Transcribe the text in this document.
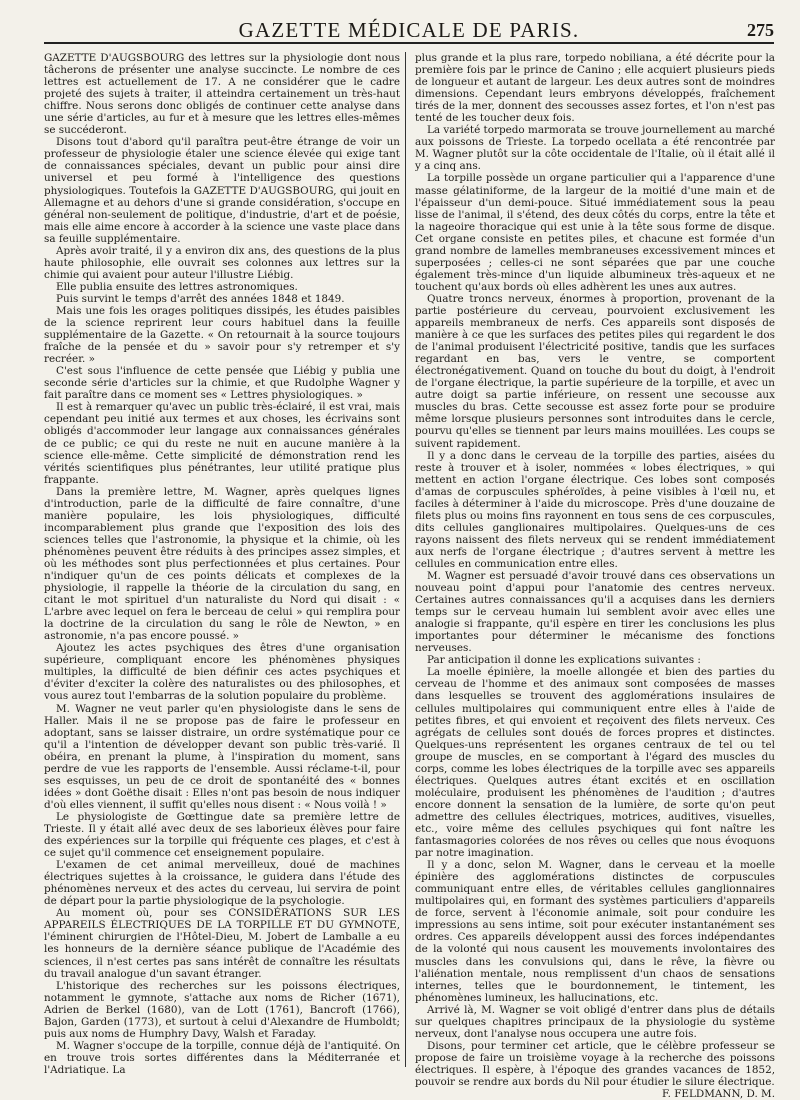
GAZETTE MÉDICALE DE PARIS.	275

GAZETTE D'AUGSBOURG des lettres sur la physiologie dont nous tâcherons de présenter une analyse succincte. Le nombre de ces lettres est actuellement de 17. A ne considérer que le cadre projeté des sujets à traiter, il atteindra certainement un très-haut chiffre. Nous serons donc obligés de continuer cette analyse dans une série d'articles, au fur et à mesure que les lettres elles-mêmes se succéderont.

Disons tout d'abord qu'il paraîtra peut-être étrange de voir un professeur de physiologie étaler une science élevée qui exige tant de connaissances spéciales, devant un public pour ainsi dire universel et peu formé à l'intelligence des questions physiologiques. Toutefois la GAZETTE D'AUGSBOURG, qui jouit en Allemagne et au dehors d'une si grande considération, s'occupe en général non-seulement de politique, d'industrie, d'art et de poésie, mais elle aime encore à accorder à la science une vaste place dans sa feuille supplémentaire.

Après avoir traité, il y a environ dix ans, des questions de la plus haute philosophie, elle ouvrait ses colonnes aux lettres sur la chimie qui avaient pour auteur l'illustre Liébig.

Elle publia ensuite des lettres astronomiques.

Puis survint le temps d'arrêt des années 1848 et 1849.

Mais une fois les orages politiques dissipés, les études paisibles de la science reprirent leur cours habituel dans la feuille supplémentaire de la Gazette. « On retournait à la source toujours fraîche de la pensée et du » savoir pour s'y retremper et s'y recréer. »

C'est sous l'influence de cette pensée que Liébig y publia une seconde série d'articles sur la chimie, et que Rudolphe Wagner y fait paraître dans ce moment ses « Lettres physiologiques. »

Il est à remarquer qu'avec un public très-éclairé, il est vrai, mais cependant peu initié aux termes et aux choses, les écrivains sont obligés d'accommoder leur langage aux connaissances générales de ce public; ce qui du reste ne nuit en aucune manière à la science elle-même. Cette simplicité de démonstration rend les vérités scientifiques plus pénétrantes, leur utilité pratique plus frappante.

Dans la première lettre, M. Wagner, après quelques lignes d'introduction, parle de la difficulté de faire connaître, d'une manière populaire, les lois physiologiques, difficulté incomparablement plus grande que l'exposition des lois des sciences telles que l'astronomie, la physique et la chimie, où les phénomènes peuvent être réduits à des principes assez simples, et où les méthodes sont plus perfectionnées et plus certaines. Pour n'indiquer qu'un de ces points délicats et complexes de la physiologie, il rappelle la théorie de la circulation du sang, en citant le mot spirituel d'un naturaliste du Nord qui disait : « L'arbre avec lequel on fera le berceau de celui » qui remplira pour la doctrine de la circulation du sang le rôle de Newton, » en astronomie, n'a pas encore poussé. »

Ajoutez les actes psychiques des êtres d'une organisation supérieure, compliquant encore les phénomènes physiques multiples, la difficulté de bien définir ces actes psychiques et d'éviter d'exciter la colère des naturalistes ou des philosophes, et vous aurez tout l'embarras de la solution populaire du problème.

M. Wagner ne veut parler qu'en physiologiste dans le sens de Haller. Mais il ne se propose pas de faire le professeur en adoptant, sans se laisser distraire, un ordre systématique pour ce qu'il a l'intention de développer devant son public très-varié. Il obéira, en prenant la plume, à l'inspiration du moment, sans perdre de vue les rapports de l'ensemble. Aussi réclame-t-il, pour ses esquisses, un peu de ce droit de spontanéité des « bonnes idées » dont Goëthe disait : Elles n'ont pas besoin de nous indiquer d'où elles viennent, il suffit qu'elles nous disent : « Nous voilà ! »

Le physiologiste de Gœttingue date sa première lettre de Trieste. Il y était allé avec deux de ses laborieux élèves pour faire des expériences sur la torpille qui fréquente ces plages, et c'est à ce sujet qu'il commence cet enseignement populaire.

L'examen de cet animal merveilleux, doué de machines électriques sujettes à la croissance, le guidera dans l'étude des phénomènes nerveux et des actes du cerveau, lui servira de point de départ pour la partie physiologique de la psychologie.

Au moment où, pour ses CONSIDÉRATIONS SUR LES APPAREILS ÉLECTRIQUES DE LA TORPILLE ET DU GYMNOTE, l'éminent chirurgien de l'Hôtel-Dieu, M. Jobert de Lamballe a eu les honneurs de la dernière séance publique de l'Académie des sciences, il n'est certes pas sans intérêt de connaître les résultats du travail analogue d'un savant étranger.

L'historique des recherches sur les poissons électriques, notamment le gymnote, s'attache aux noms de Richer (1671), Adrien de Berkel (1680), van de Lott (1761), Bancroft (1766), Bajon, Garden (1773), et surtout à celui d'Alexandre de Humboldt; puis aux noms de Humphry Davy, Walsh et Faraday.

M. Wagner s'occupe de la torpille, connue déjà de l'antiquité. On en trouve trois sortes différentes dans la Méditerranée et l'Adriatique. La

plus grande et la plus rare, torpedo nobiliana, a été décrite pour la première fois par le prince de Canino ; elle acquiert plusieurs pieds de longueur et autant de largeur. Les deux autres sont de moindres dimensions. Cependant leurs embryons développés, fraîchement tirés de la mer, donnent des secousses assez fortes, et l'on n'est pas tenté de les toucher deux fois.

La variété torpedo marmorata se trouve journellement au marché aux poissons de Trieste. La torpedo ocellata a été rencontrée par M. Wagner plutôt sur la côte occidentale de l'Italie, où il était allé il y a cinq ans.

La torpille possède un organe particulier qui a l'apparence d'une masse gélatiniforme, de la largeur de la moitié d'une main et de l'épaisseur d'un demi-pouce. Situé immédiatement sous la peau lisse de l'animal, il s'étend, des deux côtés du corps, entre la tête et la nageoire thoracique qui est unie à la tête sous forme de disque. Cet organe consiste en petites piles, et chacune est formée d'un grand nombre de lamelles membraneuses excessivement minces et superposées ; celles-ci ne sont séparées que par une couche également très-mince d'un liquide albumineux très-aqueux et ne touchent qu'aux bords où elles adhèrent les unes aux autres.

Quatre troncs nerveux, énormes à proportion, provenant de la partie postérieure du cerveau, pourvoient exclusivement les appareils membraneux de nerfs. Ces appareils sont disposés de manière à ce que les surfaces des petites piles qui regardent le dos de l'animal produisent l'électricité positive, tandis que les surfaces regardant en bas, vers le ventre, se comportent électronégativement. Quand on touche du bout du doigt, à l'endroit de l'organe électrique, la partie supérieure de la torpille, et avec un autre doigt sa partie inférieure, on ressent une secousse aux muscles du bras. Cette secousse est assez forte pour se produire même lorsque plusieurs personnes sont introduites dans le cercle, pourvu qu'elles se tiennent par leurs mains mouillées. Les coups se suivent rapidement.

Il y a donc dans le cerveau de la torpille des parties, aisées du reste à trouver et à isoler, nommées « lobes électriques, » qui mettent en action l'organe électrique. Ces lobes sont composés d'amas de corpuscules sphéroïdes, à peine visibles à l'œil nu, et faciles à déterminer à l'aide du microscope. Près d'une douzaine de filets plus ou moins fins rayonnent en tous sens de ces corpuscules, dits cellules ganglionaires multipolaires. Quelques-uns de ces rayons naissent des filets nerveux qui se rendent immédiatement aux nerfs de l'organe électrique ; d'autres servent à mettre les cellules en communication entre elles.

M. Wagner est persuadé d'avoir trouvé dans ces observations un nouveau point d'appui pour l'anatomie des centres nerveux. Certaines autres connaissances qu'il a acquises dans les derniers temps sur le cerveau humain lui semblent avoir avec elles une analogie si frappante, qu'il espère en tirer les conclusions les plus importantes pour déterminer le mécanisme des fonctions nerveuses.

Par anticipation il donne les explications suivantes :

La moelle épinière, la moelle allongée et bien des parties du cerveau de l'homme et des animaux sont composées de masses dans lesquelles se trouvent des agglomérations insulaires de cellules multipolaires qui communiquent entre elles à l'aide de petites fibres, et qui envoient et reçoivent des filets nerveux. Ces agrégats de cellules sont doués de forces propres et distinctes. Quelques-uns représentent les organes centraux de tel ou tel groupe de muscles, en se comportant à l'égard des muscles du corps, comme les lobes électriques de la torpille avec ses appareils électriques. Quelques autres étant excités et en oscillation moléculaire, produisent les phénomènes de l'audition ; d'autres encore donnent la sensation de la lumière, de sorte qu'on peut admettre des cellules électriques, motrices, auditives, visuelles, etc., voire même des cellules psychiques qui font naître les fantasmagories colorées de nos rêves ou celles que nous évoquons par notre imagination.

Il y a donc, selon M. Wagner, dans le cerveau et la moelle épinière des agglomérations distinctes de corpuscules communiquant entre elles, de véritables cellules ganglionnaires multipolaires qui, en formant des systèmes particuliers d'appareils de force, servent à l'économie animale, soit pour conduire les impressions au sens intime, soit pour exécuter instantanément ses ordres. Ces appareils développent aussi des forces indépendantes de la volonté qui nous causent les mouvements involontaires des muscles dans les convulsions qui, dans le rêve, la fièvre ou l'aliénation mentale, nous remplissent d'un chaos de sensations internes, telles que le bourdonnement, le tintement, les phénomènes lumineux, les hallucinations, etc.

Arrivé là, M. Wagner se voit obligé d'entrer dans plus de détails sur quelques chapitres principaux de la physiologie du système nerveux, dont l'analyse nous occupera une autre fois.

Disons, pour terminer cet article, que le célèbre professeur se propose de faire un troisième voyage à la recherche des poissons électriques. Il espère, à l'époque des grandes vacances de 1852, pouvoir se rendre aux bords du Nil pour étudier le silure électrique.

F. FELDMANN, D. M.
